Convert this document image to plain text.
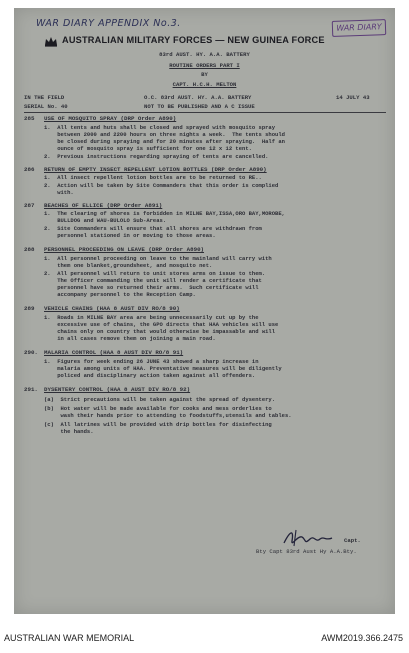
WAR DIARY APPENDIX No.3.	WAR DIARY
AUSTRALIAN MILITARY FORCES — NEW GUINEA FORCE
83rd AUST. HY. A.A. BATTERY
ROUTINE ORDERS PART I
BY
CAPT. H.C.H. MELTON
IN THE FIELD	O.C. 83rd AUST. HY. A.A. BATTERY	14 JULY 43
SERIAL No. 40	NOT TO BE PUBLISHED AND A C ISSUE
285 USE OF MOSQUITO SPRAY (DRP Order A890)
1.  All tents and huts shall be closed and sprayed with mosquito spray
between 2000 and 2200 hours on three nights a week.  The tents should
be closed during spraying and for 20 minutes after spraying.  Half an
ounce of mosquito spray is sufficient for one 12 x 12 tent.
2.  Previous instructions regarding spraying of tents are cancelled.
286 RETURN OF EMPTY INSECT REPELLENT LOTION BOTTLES (DRP Order A890)
1.  All insect repellent lotion bottles are to be returned to RE..
2.  Action will be taken by Site Commanders that this order is complied
with.
287 BEACHES OF ELLICE (DRP Order A891)
1.  The clearing of shores is forbidden in MILNE BAY,ISSA,ORO BAY,MOROBE,
BULLDOG and WAU-BULOLO Sub-Areas.
2.  Site Commanders will ensure that all shores are withdrawn from
personnel stationed in or moving to those areas.
288 PERSONNEL PROCEEDING ON LEAVE (DRP Order A890)
1.  All personnel proceeding on leave to the mainland will carry with
them one blanket,groundsheet, and mosquito net.
2.  All personnel will return to unit stores arms on issue to them.
The Officer commanding the unit will render a certificate that
personnel have so returned their arms.  Such certificate will
accompany personnel to the Reception Camp.
289 VEHICLE CHAINS (HAA 8 AUST DIV RO/8 90)
1.  Roads in MILNE BAY area are being unnecessarily cut up by the
excessive use of chains, the GPO directs that HAA vehicles will use
chains only on country that would otherwise be impassable and will
in all cases remove them on joining a main road.
290. MALARIA CONTROL (HAA 8 AUST DIV RO/8 91)
1.  Figures for week ending 26 JUNE 43 showed a sharp increase in
malaria among units of HAA. Preventative measures will be diligently
policed and disciplinary action taken against all offenders.
291. DYSENTERY CONTROL (HAA 8 AUST DIV RO/8 92)
(a)  Strict precautions will be taken against the spread of dysentery.
(b)  Hot water will be made available for cooks and mess orderlies to
wash their hands prior to attending to foodstuffs,utensils and tables.
(c)  All latrines will be provided with drip bottles for disinfecting
the hands.
Capt.
Bty Capt 83rd Aust Hy A.A.Bty.
AUSTRALIAN WAR MEMORIAL	AWM2019.366.2475
